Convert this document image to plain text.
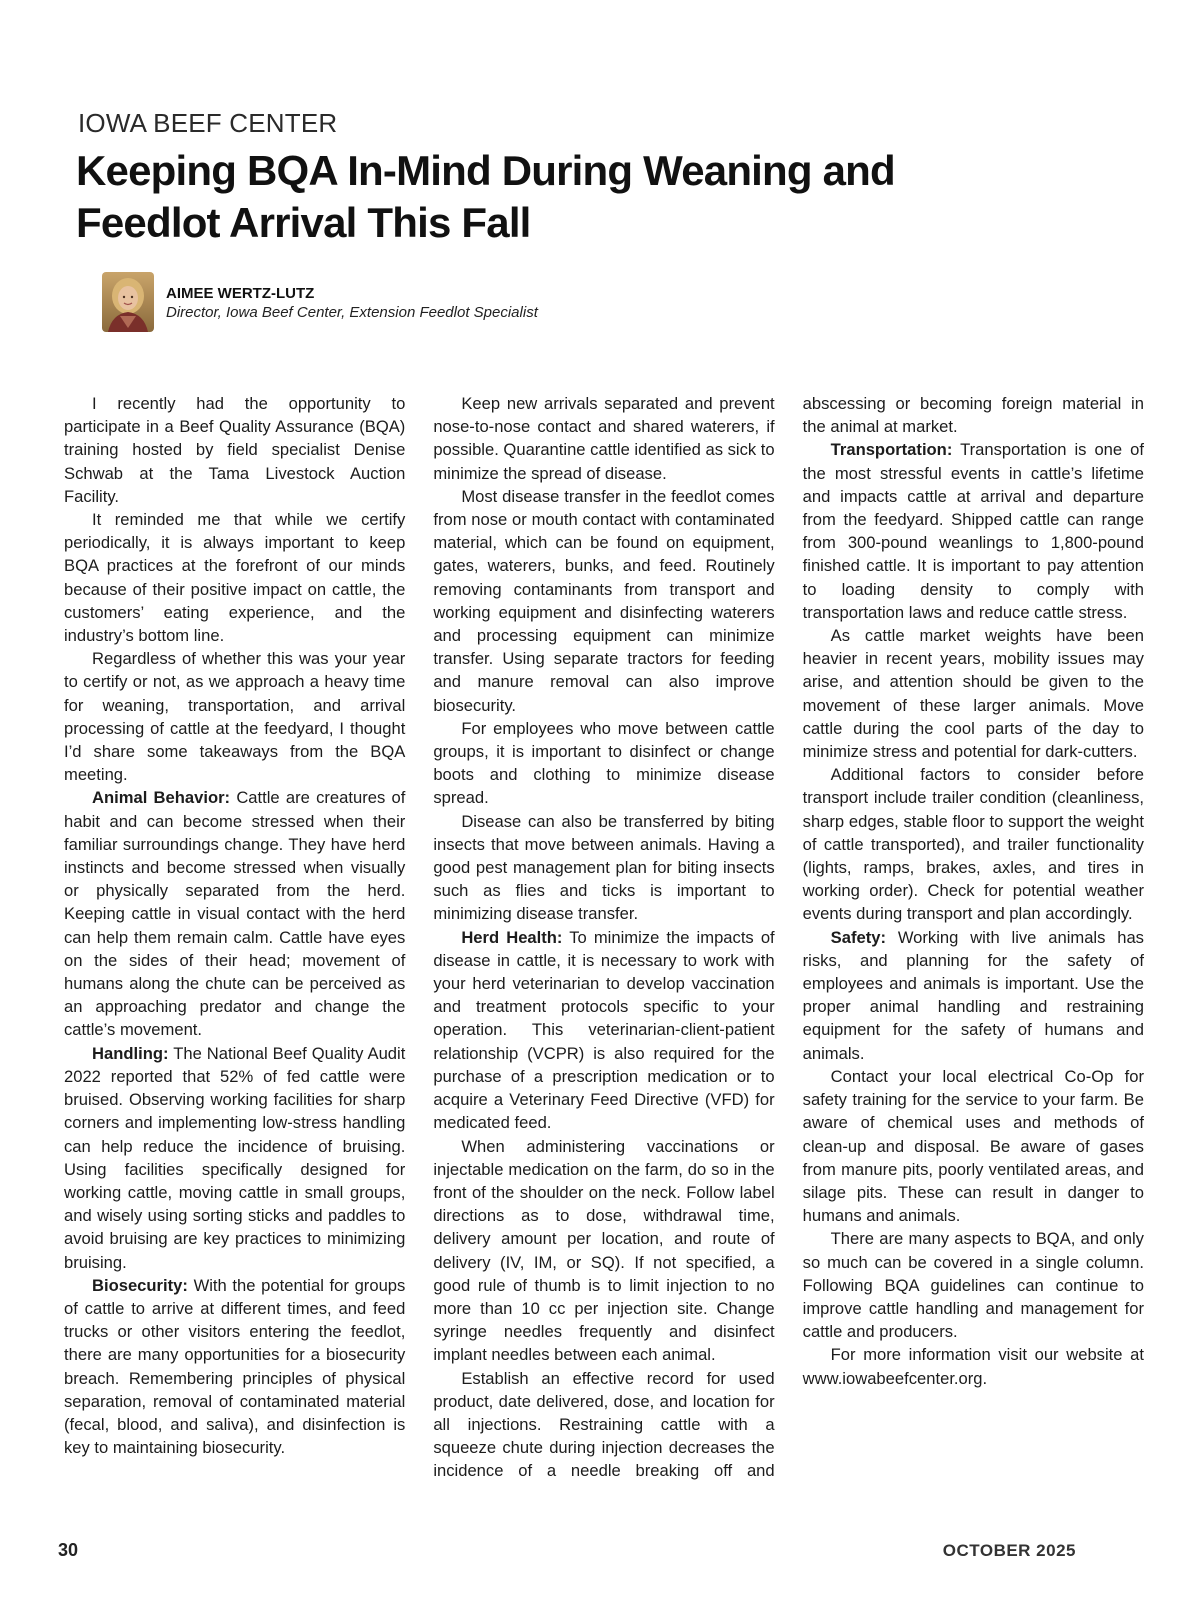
IOWA BEEF CENTER
Keeping BQA In-Mind During Weaning and Feedlot Arrival This Fall
AIMEE WERTZ-LUTZ
Director, Iowa Beef Center, Extension Feedlot Specialist

I recently had the opportunity to participate in a Beef Quality Assurance (BQA) training hosted by field specialist Denise Schwab at the Tama Livestock Auction Facility.

It reminded me that while we certify periodically, it is always important to keep BQA practices at the forefront of our minds because of their positive impact on cattle, the customers’ eating experience, and the industry’s bottom line.

Regardless of whether this was your year to certify or not, as we approach a heavy time for weaning, transportation, and arrival processing of cattle at the feedyard, I thought I’d share some takeaways from the BQA meeting.

Animal Behavior: Cattle are creatures of habit and can become stressed when their familiar surroundings change. They have herd instincts and become stressed when visually or physically separated from the herd. Keeping cattle in visual contact with the herd can help them remain calm. Cattle have eyes on the sides of their head; movement of humans along the chute can be perceived as an approaching predator and change the cattle’s movement.

Handling: The National Beef Quality Audit 2022 reported that 52% of fed cattle were bruised. Observing working facilities for sharp corners and implementing low-stress handling can help reduce the incidence of bruising. Using facilities specifically designed for working cattle, moving cattle in small groups, and wisely using sorting sticks and paddles to avoid bruising are key practices to minimizing bruising.

Biosecurity: With the potential for groups of cattle to arrive at different times, and feed trucks or other visitors entering the feedlot, there are many opportunities for a biosecurity breach. Remembering principles of physical separation, removal of contaminated material (fecal, blood, and saliva), and disinfection is key to maintaining biosecurity.

Keep new arrivals separated and prevent nose-to-nose contact and shared waterers, if possible. Quarantine cattle identified as sick to minimize the spread of disease.

Most disease transfer in the feedlot comes from nose or mouth contact with contaminated material, which can be found on equipment, gates, waterers, bunks, and feed. Routinely removing contaminants from transport and working equipment and disinfecting waterers and processing equipment can minimize transfer. Using separate tractors for feeding and manure removal can also improve biosecurity.

For employees who move between cattle groups, it is important to disinfect or change boots and clothing to minimize disease spread.

Disease can also be transferred by biting insects that move between animals. Having a good pest management plan for biting insects such as flies and ticks is important to minimizing disease transfer.

Herd Health: To minimize the impacts of disease in cattle, it is necessary to work with your herd veterinarian to develop vaccination and treatment protocols specific to your operation. This veterinarian-client-patient relationship (VCPR) is also required for the purchase of a prescription medication or to acquire a Veterinary Feed Directive (VFD) for medicated feed.

When administering vaccinations or injectable medication on the farm, do so in the front of the shoulder on the neck. Follow label directions as to dose, withdrawal time, delivery amount per location, and route of delivery (IV, IM, or SQ). If not specified, a good rule of thumb is to limit injection to no more than 10 cc per injection site. Change syringe needles frequently and disinfect implant needles between each animal.

Establish an effective record for used product, date delivered, dose, and location for all injections. Restraining cattle with a squeeze chute during injection decreases the incidence of a needle breaking off and abscessing or becoming foreign material in the animal at market.

Transportation: Transportation is one of the most stressful events in cattle’s lifetime and impacts cattle at arrival and departure from the feedyard. Shipped cattle can range from 300-pound weanlings to 1,800-pound finished cattle. It is important to pay attention to loading density to comply with transportation laws and reduce cattle stress.

As cattle market weights have been heavier in recent years, mobility issues may arise, and attention should be given to the movement of these larger animals. Move cattle during the cool parts of the day to minimize stress and potential for dark-cutters.

Additional factors to consider before transport include trailer condition (cleanliness, sharp edges, stable floor to support the weight of cattle transported), and trailer functionality (lights, ramps, brakes, axles, and tires in working order). Check for potential weather events during transport and plan accordingly.

Safety: Working with live animals has risks, and planning for the safety of employees and animals is important. Use the proper animal handling and restraining equipment for the safety of humans and animals.

Contact your local electrical Co-Op for safety training for the service to your farm. Be aware of chemical uses and methods of clean-up and disposal. Be aware of gases from manure pits, poorly ventilated areas, and silage pits. These can result in danger to humans and animals.

There are many aspects to BQA, and only so much can be covered in a single column. Following BQA guidelines can continue to improve cattle handling and management for cattle and producers.

For more information visit our website at www.iowabeefcenter.org.

30	OCTOBER 2025
